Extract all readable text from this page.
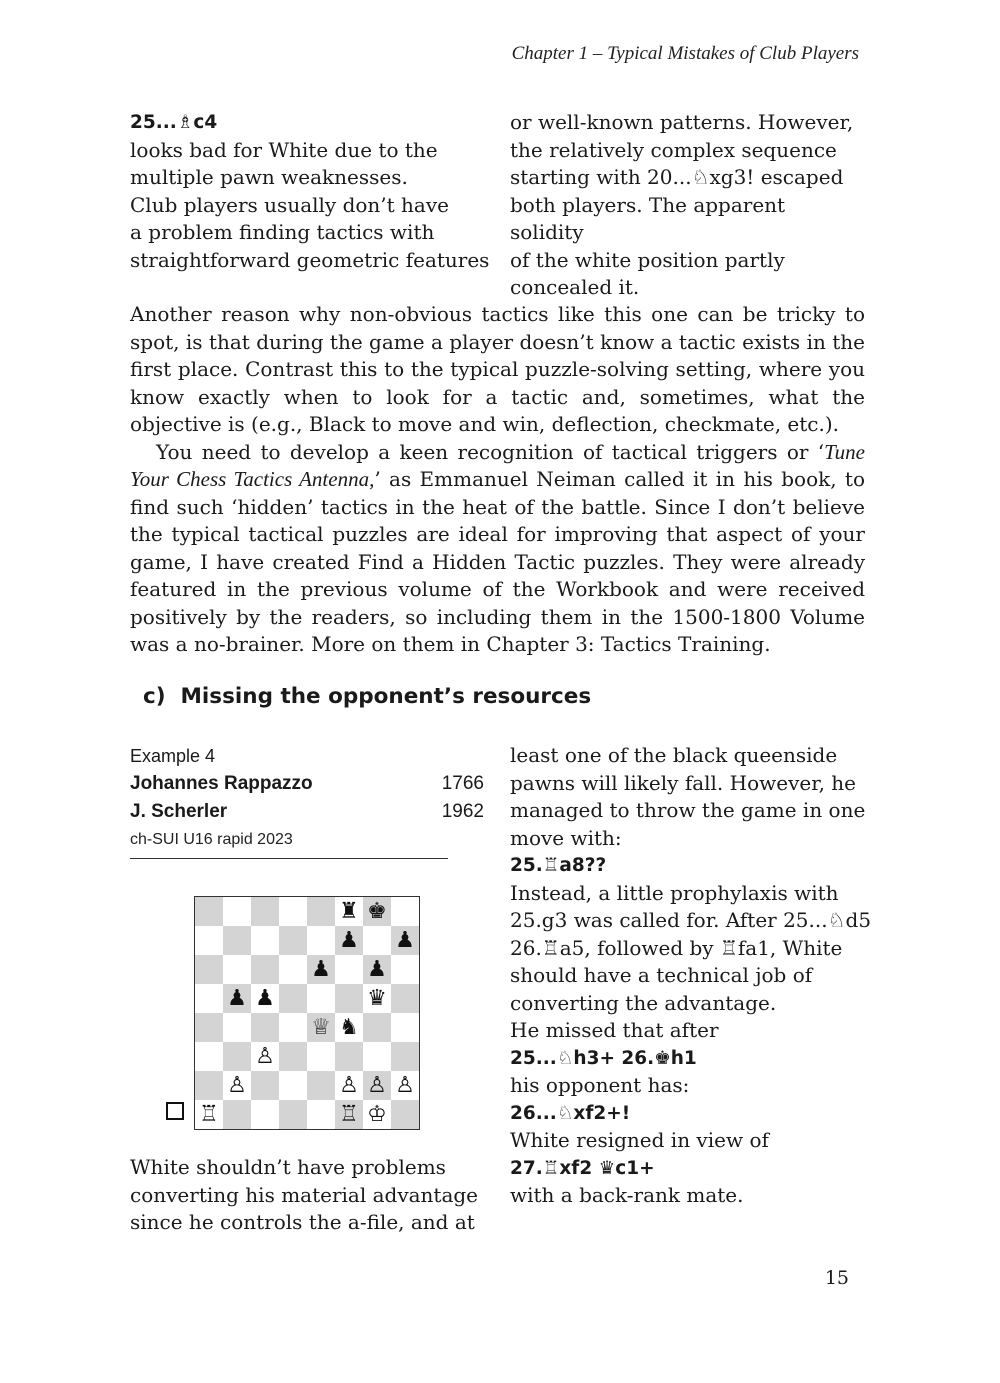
Chapter 1 – Typical Mistakes of Club Players
25...♗c4

looks bad for White due to the

multiple pawn weaknesses.

Club players usually don’t have

a problem finding tactics with

straightforward geometric features

or well-known patterns. However,

the relatively complex sequence

starting with 20...♘xg3! escaped

both players. The apparent solidity

of the white position partly

concealed it.

Another reason why non-obvious tactics like this one can be tricky to spot, is that during the game a player doesn’t know a tactic exists in the first place. Contrast this to the typical puzzle-solving setting, where you know exactly when to look for a tactic and, sometimes, what the objective is (e.g., Black to move and win, deflection, checkmate, etc.).

You need to develop a keen recognition of tactical triggers or ‘Tune Your Chess Tactics Antenna,’ as Emmanuel Neiman called it in his book, to find such ‘hidden’ tactics in the heat of the battle. Since I don’t believe the typical tactical puzzles are ideal for improving that aspect of your game, I have created Find a Hidden Tactic puzzles. They were already featured in the previous volume of the Workbook and were received positively by the readers, so including them in the 1500-1800 Volume was a no-brainer. More on them in Chapter 3: Tactics Training.

c)  Missing the opponent’s resources
Example 4
Johannes Rappazzo	1766
J. Scherler	1962
ch-SUI U16 rapid 2023
♜ ♚
♟ ♟
♟ ♟
♟ ♟	♛
♕ ♞
♙
♙	♙ ♙ ♙
♖	♖ ♔

White shouldn’t have problems

converting his material advantage

since he controls the a-file, and at

least one of the black queenside
pawns will likely fall. However, he
managed to throw the game in one
move with:
25.♖a8??
Instead, a little prophylaxis with
25.g3 was called for. After 25...♘d5
26.♖a5, followed by ♖fa1, White
should have a technical job of
converting the advantage.
He missed that after
25...♘h3+ 26.♚h1
his opponent has:
26...♘xf2+!
White resigned in view of
27.♖xf2 ♛c1+
with a back-rank mate.
15
